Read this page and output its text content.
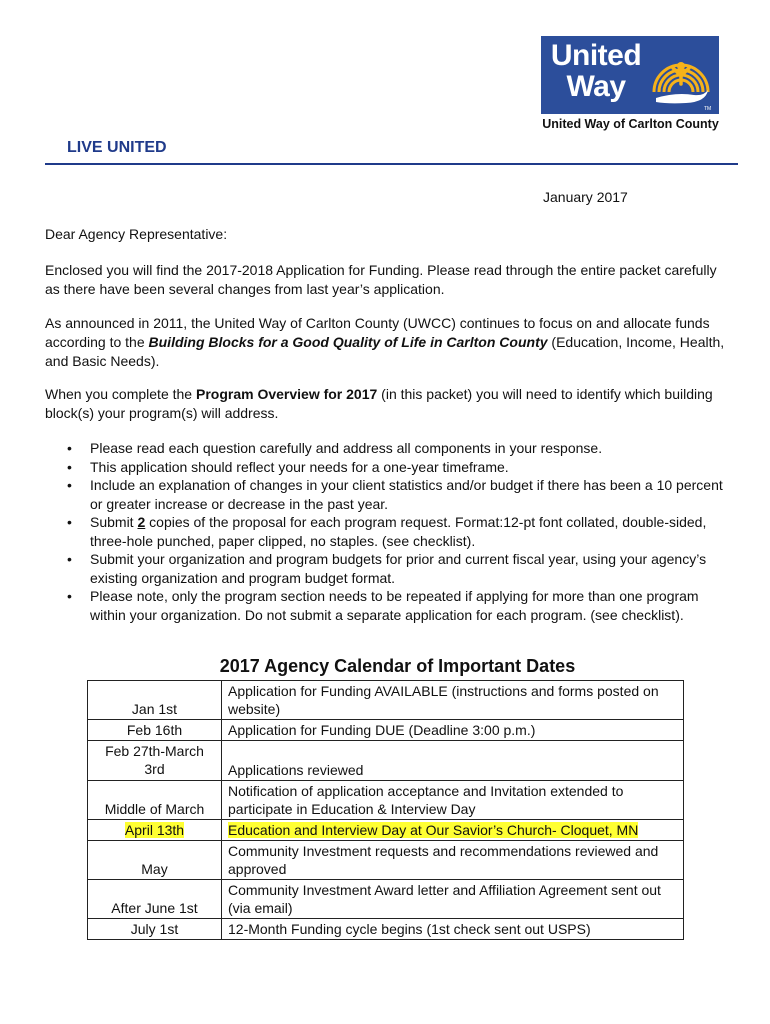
United
Way
TM
United Way of Carlton County
LIVE UNITED
January 2017
Dear Agency Representative:
Enclosed you will find the 2017-2018 Application for Funding. Please read through the entire packet carefully as there have been several changes from last year’s application.
As announced in 2011, the United Way of Carlton County (UWCC) continues to focus on and allocate funds according to the Building Blocks for a Good Quality of Life in Carlton County (Education, Income, Health, and Basic Needs).
When you complete the Program Overview for 2017 (in this packet) you will need to identify which building block(s) your program(s) will address.
• Please read each question carefully and address all components in your response.
• This application should reflect your needs for a one-year timeframe.
• Include an explanation of changes in your client statistics and/or budget if there has been a 10 percent or greater increase or decrease in the past year.
• Submit 2 copies of the proposal for each program request. Format:12-pt font collated, double-sided, three-hole punched, paper clipped, no staples. (see checklist).
• Submit your organization and program budgets for prior and current fiscal year, using your agency’s existing organization and program budget format.
• Please note, only the program section needs to be repeated if applying for more than one program within your organization. Do not submit a separate application for each program. (see checklist).
2017 Agency Calendar of Important Dates
Jan 1st	Application for Funding AVAILABLE (instructions and forms posted on website)
Feb 16th	Application for Funding DUE (Deadline 3:00 p.m.)
Feb 27th-March 3rd	Applications reviewed
Middle of March	Notification of application acceptance and Invitation extended to participate in Education & Interview Day
April 13th	Education and Interview Day at Our Savior’s Church- Cloquet, MN
May	Community Investment requests and recommendations reviewed and approved
After June 1st	Community Investment Award letter and Affiliation Agreement sent out (via email)
July 1st	12-Month Funding cycle begins (1st check sent out USPS)
